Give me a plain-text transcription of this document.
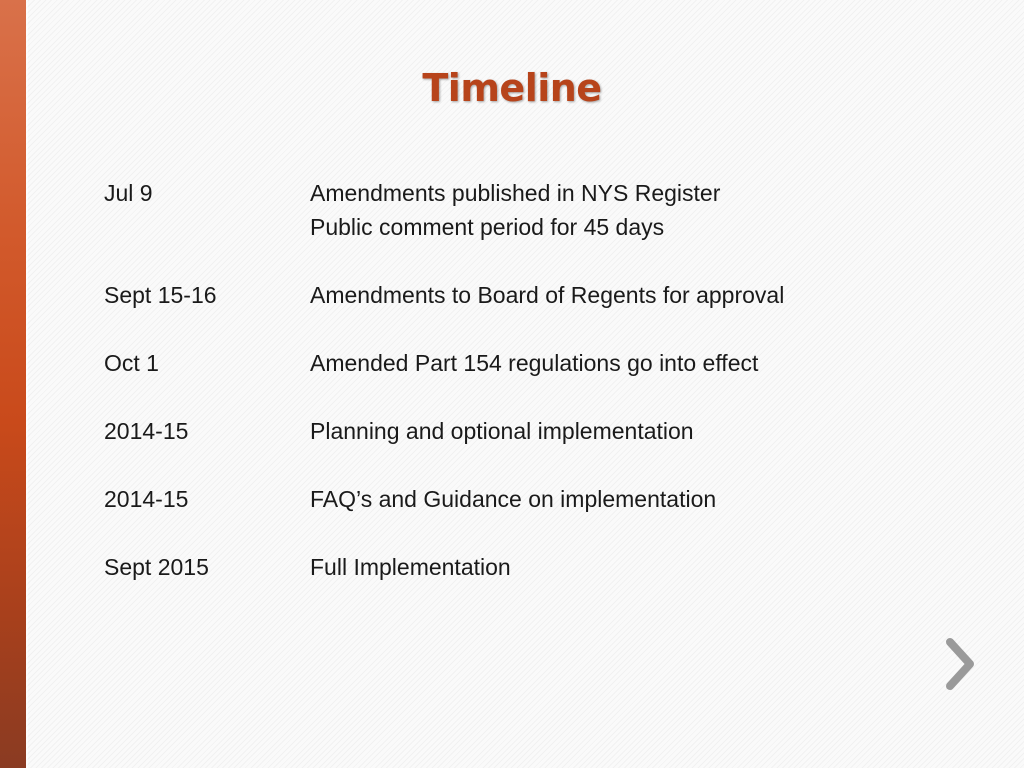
Timeline
Jul 9	Amendments published in NYS Register
Public comment period for 45 days
Sept 15-16	Amendments to Board of Regents for approval
Oct 1	Amended Part 154 regulations go into effect
2014-15	Planning and optional implementation
2014-15	FAQ’s and Guidance on implementation
Sept 2015	Full Implementation
